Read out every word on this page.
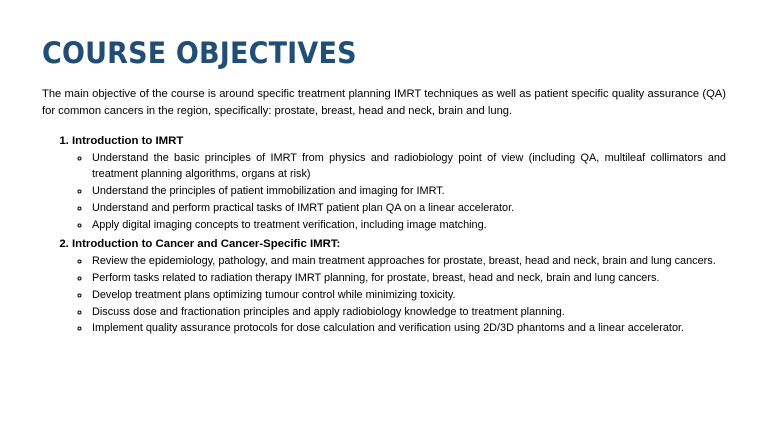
COURSE OBJECTIVES

The main objective of the course is around specific treatment planning IMRT techniques as well as patient specific quality assurance (QA) for common cancers in the region, specifically: prostate, breast, head and neck, brain and lung.

1. Introduction to IMRT
◦ Understand the basic principles of IMRT from physics and radiobiology point of view (including QA, multileaf collimators and treatment planning algorithms, organs at risk)
◦ Understand the principles of patient immobilization and imaging for IMRT.
◦ Understand and perform practical tasks of IMRT patient plan QA on a linear accelerator.
◦ Apply digital imaging concepts to treatment verification, including image matching.
2. Introduction to Cancer and Cancer-Specific IMRT:
◦ Review the epidemiology, pathology, and main treatment approaches for prostate, breast, head and neck, brain and lung cancers.
◦ Perform tasks related to radiation therapy IMRT planning, for prostate, breast, head and neck, brain and lung cancers.
◦ Develop treatment plans optimizing tumour control while minimizing toxicity.
◦ Discuss dose and fractionation principles and apply radiobiology knowledge to treatment planning.
◦ Implement quality assurance protocols for dose calculation and verification using 2D/3D phantoms and a linear accelerator.
